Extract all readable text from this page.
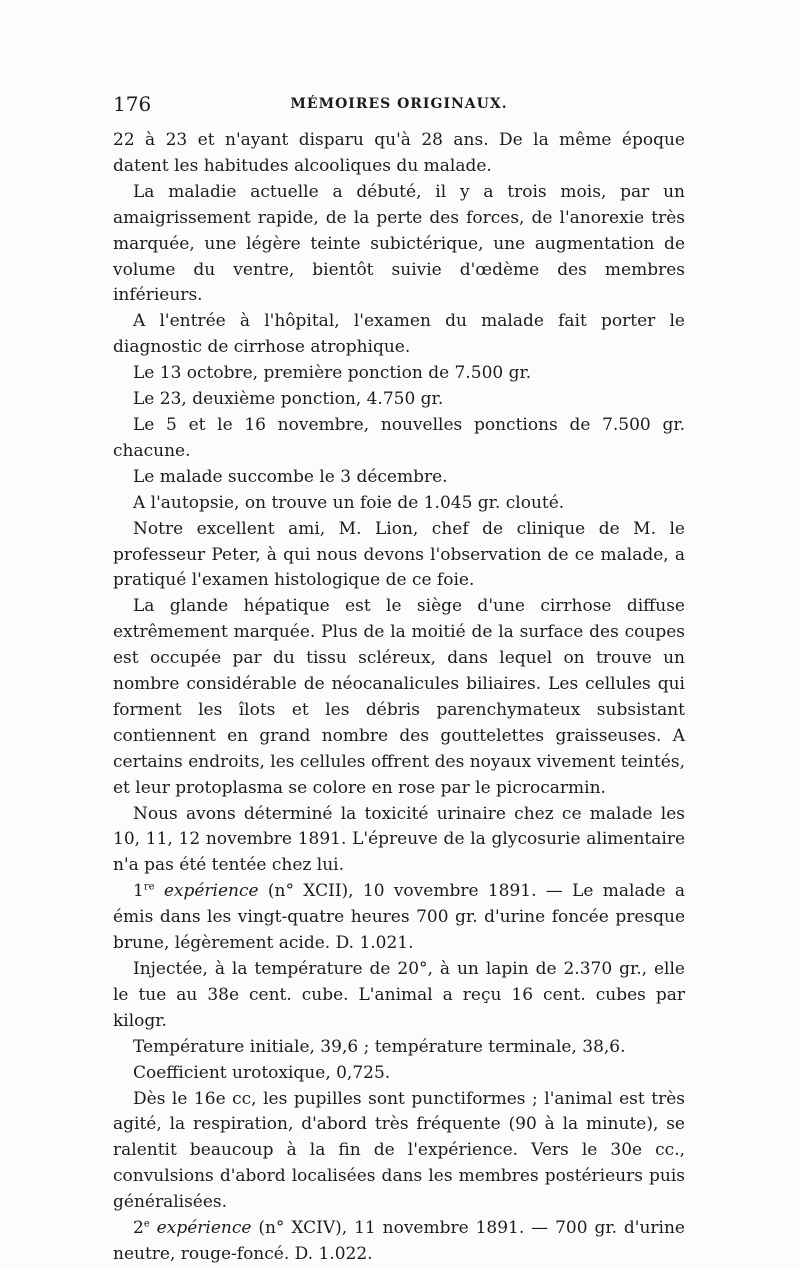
176	MÉMOIRES ORIGINAUX.

22 à 23 et n'ayant disparu qu'à 28 ans. De la même époque datent les habitudes alcooliques du malade.

La maladie actuelle a débuté, il y a trois mois, par un amaigrissement rapide, de la perte des forces, de l'anorexie très marquée, une légère teinte subictérique, une augmentation de volume du ventre, bientôt suivie d'œdème des membres inférieurs.

A l'entrée à l'hôpital, l'examen du malade fait porter le diagnostic de cirrhose atrophique.

Le 13 octobre, première ponction de 7.500 gr.

Le 23, deuxième ponction, 4.750 gr.

Le 5 et le 16 novembre, nouvelles ponctions de 7.500 gr. chacune.

Le malade succombe le 3 décembre.

A l'autopsie, on trouve un foie de 1.045 gr. clouté.

Notre excellent ami, M. Lion, chef de clinique de M. le professeur Peter, à qui nous devons l'observation de ce malade, a pratiqué l'examen histologique de ce foie.

La glande hépatique est le siège d'une cirrhose diffuse extrêmement marquée. Plus de la moitié de la surface des coupes est occupée par du tissu scléreux, dans lequel on trouve un nombre considérable de néocanalicules biliaires. Les cellules qui forment les îlots et les débris parenchymateux subsistant contiennent en grand nombre des gouttelettes graisseuses. A certains endroits, les cellules offrent des noyaux vivement teintés, et leur protoplasma se colore en rose par le picrocarmin.

Nous avons déterminé la toxicité urinaire chez ce malade les 10, 11, 12 novembre 1891. L'épreuve de la glycosurie alimentaire n'a pas été tentée chez lui.

1re expérience (n° XCII), 10 vovembre 1891. — Le malade a émis dans les vingt-quatre heures 700 gr. d'urine foncée presque brune, légèrement acide. D. 1.021.

Injectée, à la température de 20°, à un lapin de 2.370 gr., elle le tue au 38e cent. cube. L'animal a reçu 16 cent. cubes par kilogr.

Température initiale, 39,6 ; température terminale, 38,6.

Coefficient urotoxique, 0,725.

Dès le 16e cc, les pupilles sont punctiformes ; l'animal est très agité, la respiration, d'abord très fréquente (90 à la minute), se ralentit beaucoup à la fin de l'expérience. Vers le 30e cc., convulsions d'abord localisées dans les membres postérieurs puis généralisées.

2e expérience (n° XCIV), 11 novembre 1891. — 700 gr. d'urine neutre, rouge-foncé. D. 1.022.
